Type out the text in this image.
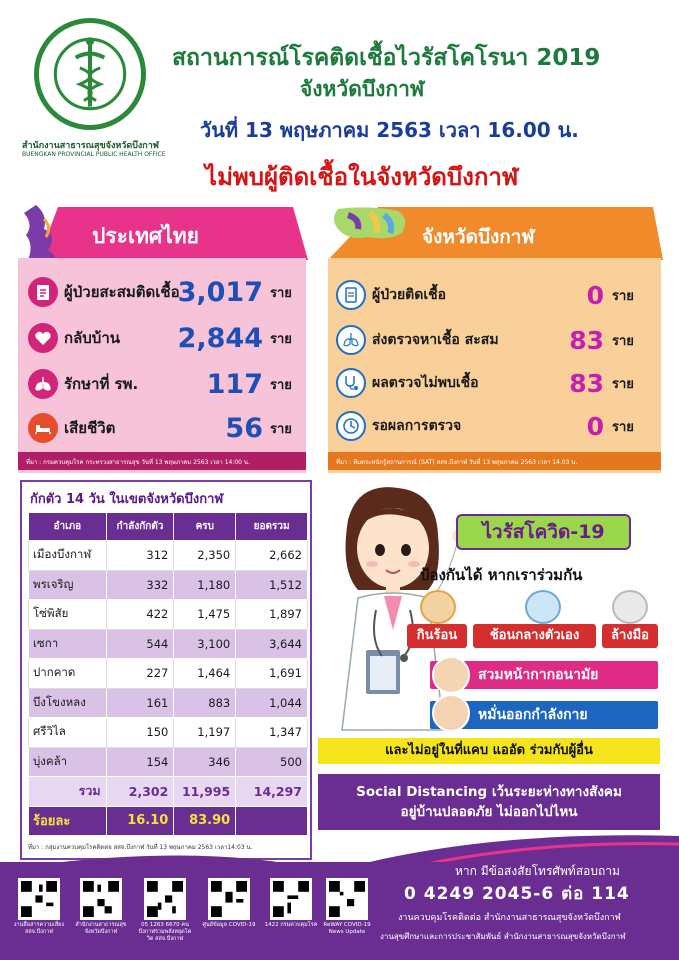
สำนักงานสาธารณสุขจังหวัดบึงกาฬ
BUENGKAN PROVINCIAL PUBLIC HEALTH OFFICE
สถานการณ์โรคติดเชื้อไวรัสโคโรนา 2019
จังหวัดบึงกาฬ
วันที่ 13 พฤษภาคม 2563 เวลา 16.00 น.
ไม่พบผู้ติดเชื้อในจังหวัดบึงกาฬ
ประเทศไทย
ผู้ป่วยสะสมติดเชื้อ
3,017 ราย
กลับบ้าน	2,844 ราย
รักษาที่ รพ.	117 ราย
เสียชีวิต	56 ราย
ที่มา : กรมควบคุมโรค กระทรวงสาธารณสุข วันที่ 13 พฤษภาคม 2563 เวลา 14:00 น.
จังหวัดบึงกาฬ
ผู้ป่วยติดเชื้อ	0 ราย
ส่งตรวจหาเชื้อ สะสม	83 ราย
ผลตรวจไม่พบเชื้อ	83 ราย
รอผลการตรวจ	0 ราย
ที่มา : ทีมตระหนักรู้สถานการณ์ (SAT) สสจ.บึงกาฬ วันที่ 13 พฤษภาคม 2563 เวลา 14.03 น.
กักตัว 14 วัน ในเขตจังหวัดบึงกาฬ
อำเภอ	กำลังกักตัว	ครบ	ยอดรวม
เมืองบึงกาฬ	312	2,350	2,662
พรเจริญ	332	1,180	1,512
โซ่พิสัย	422	1,475	1,897
เซกา	544	3,100	3,644
ปากคาด	227	1,464	1,691
บึงโขงหลง	161	883	1,044
ศรีวิไล	150	1,197	1,347
บุ่งคล้า	154	346	500
รวม	2,302	11,995	14,297
ร้อยละ	16.10	83.90	
ที่มา : กลุ่มงานควบคุมโรคติดต่อ สสจ.บึงกาฬ วันที่ 13 พฤษภาคม 2563 เวลา14:03 น.
ไวรัสโควิด-19
ป้องกันได้ หากเราร่วมกัน
กินร้อน	ช้อนกลางตัวเอง	ล้างมือ
สวมหน้ากากอนามัย
หมั่นออกกำลังกาย
และไม่อยู่ในที่แคบ แออัด ร่วมกับผู้อื่น
Social Distancing เว้นระยะห่างทางสังคม
อยู่บ้านปลอดภัย ไม่ออกไปไหน
งานสื่อสารความเสี่ยง สสจ.บึงกาฬ
สำนักงานสาธารณสุข จังหวัดบึงกาฬ
05 1263 6670 คนบึงกาฬรวมพลังหยุดโควิด สสจ.บึงกาฬ
ศูนย์ข้อมูล COVID-19	1422 กรมควบคุมโรค	ReWAY COVID-19 News Update
หาก มีข้อสงสัยโทรศัพท์สอบถาม
0 4249 2045-6 ต่อ 114
งานควบคุมโรคติดต่อ สำนักงานสาธารณสุขจังหวัดบึงกาฬ
งานสุขศึกษาและการประชาสัมพันธ์ สำนักงานสาธารณสุขจังหวัดบึงกาฬ
